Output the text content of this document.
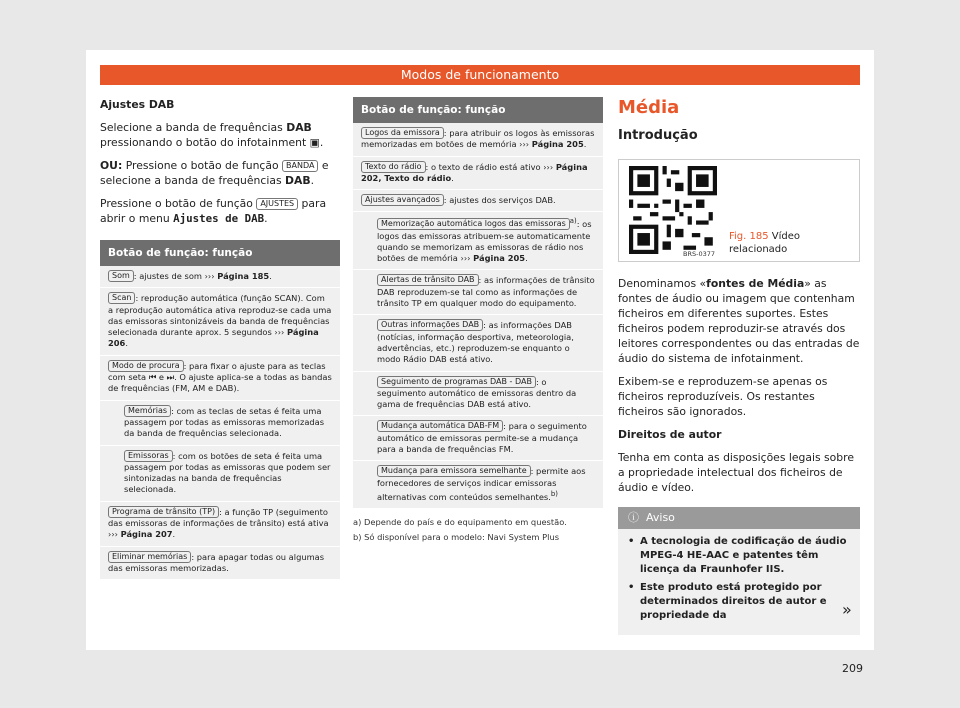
Modos de funcionamento

Ajustes DAB

Selecione a banda de frequências DAB pressionando o botão do infotainment ▣.

OU: Pressione o botão de função BANDA e selecione a banda de frequências DAB.

Pressione o botão de função AJUSTES para abrir o menu Ajustes de DAB.

Botão de função: função
Som : ajustes de som ››› Página 185.
Scan : reprodução automática (função SCAN). Com a reprodução automática ativa reproduz-se cada uma das emissoras sintonizáveis da banda de frequências selecionada durante aprox. 5 segundos ››› Página 206.
Modo de procura : para fixar o ajuste para as teclas com seta ⏮ e ⏭. O ajuste aplica-se a todas as bandas de frequências (FM, AM e DAB).
Memórias : com as teclas de setas é feita uma passagem por todas as emissoras memorizadas da banda de frequências selecionada.
Emissoras : com os botões de seta é feita uma passagem por todas as emissoras que podem ser sintonizadas na banda de frequências selecionada.
Programa de trânsito (TP) : a função TP (seguimento das emissoras de informações de trânsito) está ativa ››› Página 207.
Eliminar memórias : para apagar todas ou algumas das emissoras memorizadas.
Botão de função: função
Logos da emissora : para atribuir os logos às emissoras memorizadas em botões de memória ››› Página 205.
Texto do rádio : o texto de rádio está ativo ››› Página 202, Texto do rádio.
Ajustes avançados : ajustes dos serviços DAB.
Memorização automática logos das emissoras $^{a)}$: os logos das emissoras atribuem-se automaticamente quando se memorizam as emissoras de rádio nos botões de memória ››› Página 205.
Alertas de trânsito DAB : as informações de trânsito DAB reproduzem-se tal como as informações de trânsito TP em qualquer modo do equipamento.
Outras informações DAB : as informações DAB (notícias, informação desportiva, meteorologia, advertências, etc.) reproduzem-se enquanto o modo Rádio DAB está ativo.
Seguimento de programas DAB - DAB : o seguimento automático de emissoras dentro da gama de frequências DAB está ativo.
Mudança automática DAB-FM : para o seguimento automático de emissoras permite-se a mudança para a banda de frequências FM.
Mudança para emissora semelhante : permite aos fornecedores de serviços indicar emissoras alternativas com conteúdos semelhantes.$^{b)}$

a) Depende do país e do equipamento em questão.

b) Só disponível para o modelo: Navi System Plus

Média

Introdução

BRS-0377
Fig. 185 Vídeo relacionado

Denominamos «fontes de Média» as fontes de áudio ou imagem que contenham ficheiros em diferentes suportes. Estes ficheiros podem reproduzir-se através dos leitores correspondentes ou das entradas de áudio do sistema de infotainment.

Exibem-se e reproduzem-se apenas os ficheiros reproduzíveis. Os restantes ficheiros são ignorados.

Direitos de autor

Tenha em conta as disposições legais sobre a propriedade intelectual dos ficheiros de áudio e vídeo.

ⓘ Aviso
• A tecnologia de codificação de áudio MPEG-4 HE-AAC e patentes têm licença da Fraunhofer IIS.
• Este produto está protegido por determinados direitos de autor e propriedade da	»
209
